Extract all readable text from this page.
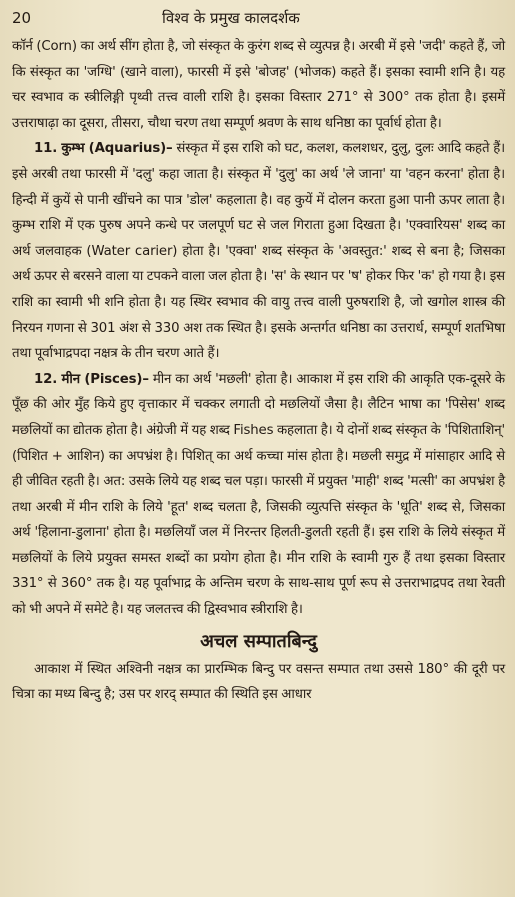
20	विश्व के प्रमुख कालदर्शक

कॉर्न (Corn) का अर्थ सींग होता है, जो संस्कृत के कुरंग शब्द से व्युत्पन्न है। अरबी में इसे 'जदी' कहते हैं, जो कि संस्कृत का 'जग्धि' (खाने वाला), फारसी में इसे 'बोजह' (भोजक) कहते हैं। इसका स्वामी शनि है। यह चर स्वभाव क स्त्रीलिङ्गी पृथ्वी तत्त्व वाली राशि है। इसका विस्तार 271° से 300° तक होता है। इसमें उत्तराषाढ़ा का दूसरा, तीसरा, चौथा चरण तथा सम्पूर्ण श्रवण के साथ धनिष्ठा का पूर्वार्ध होता है।

11. कुम्भ (Aquarius)– संस्कृत में इस राशि को घट, कलश, कलशधर, दुलु, दुलः आदि कहते हैं। इसे अरबी तथा फारसी में 'दलु' कहा जाता है। संस्कृत में 'दुलु' का अर्थ 'ले जाना' या 'वहन करना' होता है। हिन्दी में कुयें से पानी खींचने का पात्र 'डोल' कहलाता है। वह कुयें में दोलन करता हुआ पानी ऊपर लाता है। कुम्भ राशि में एक पुरुष अपने कन्धे पर जलपूर्ण घट से जल गिराता हुआ दिखता है। 'एक्वारियस' शब्द का अर्थ जलवाहक (Water carier) होता है। 'एक्वा' शब्द संस्कृत के 'अवस्तुत:' शब्द से बना है; जिसका अर्थ ऊपर से बरसने वाला या टपकने वाला जल होता है। 'स' के स्थान पर 'ष' होकर फिर 'क' हो गया है। इस राशि का स्वामी भी शनि होता है। यह स्थिर स्वभाव की वायु तत्त्व वाली पुरुषराशि है, जो खगोल शास्त्र की निरयन गणना से 301 अंश से 330 अश तक स्थित है। इसके अन्तर्गत धनिष्ठा का उत्तरार्ध, सम्पूर्ण शतभिषा तथा पूर्वाभाद्रपदा नक्षत्र के तीन चरण आते हैं।

12. मीन (Pisces)– मीन का अर्थ 'मछली' होता है। आकाश में इस राशि की आकृति एक-दूसरे के पूँछ की ओर मुँह किये हुए वृत्ताकार में चक्कर लगाती दो मछलियों जैसा है। लैटिन भाषा का 'पिसेस' शब्द मछलियों का द्योतक होता है। अंग्रेजी में यह शब्द Fishes कहलाता है। ये दोनों शब्द संस्कृत के 'पिशिताशिन्' (पिशित + आशिन) का अपभ्रंश है। पिशित् का अर्थ कच्चा मांस होता है। मछली समुद्र में मांसाहार आदि से ही जीवित रहती है। अत: उसके लिये यह शब्द चल पड़ा। फारसी में प्रयुक्त 'माही' शब्द 'मत्सी' का अपभ्रंश है तथा अरबी में मीन राशि के लिये 'हूत' शब्द चलता है, जिसकी व्युत्पत्ति संस्कृत के 'धूति' शब्द से, जिसका अर्थ 'हिलाना-डुलाना' होता है। मछलियाँ जल में निरन्तर हिलती-डुलती रहती हैं। इस राशि के लिये संस्कृत में मछलियों के लिये प्रयुक्त समस्त शब्दों का प्रयोग होता है। मीन राशि के स्वामी गुरु हैं तथा इसका विस्तार 331° से 360° तक है। यह पूर्वाभाद्र के अन्तिम चरण के साथ-साथ पूर्ण रूप से उत्तराभाद्रपद तथा रेवती को भी अपने में समेटे है। यह जलतत्त्व की द्विस्वभाव स्त्रीराशि है।

अचल सम्पातबिन्दु

आकाश में स्थित अश्विनी नक्षत्र का प्रारम्भिक बिन्दु पर वसन्त सम्पात तथा उससे 180° की दूरी पर चित्रा का मध्य बिन्दु है; उस पर शरद् सम्पात की स्थिति इस आधार
